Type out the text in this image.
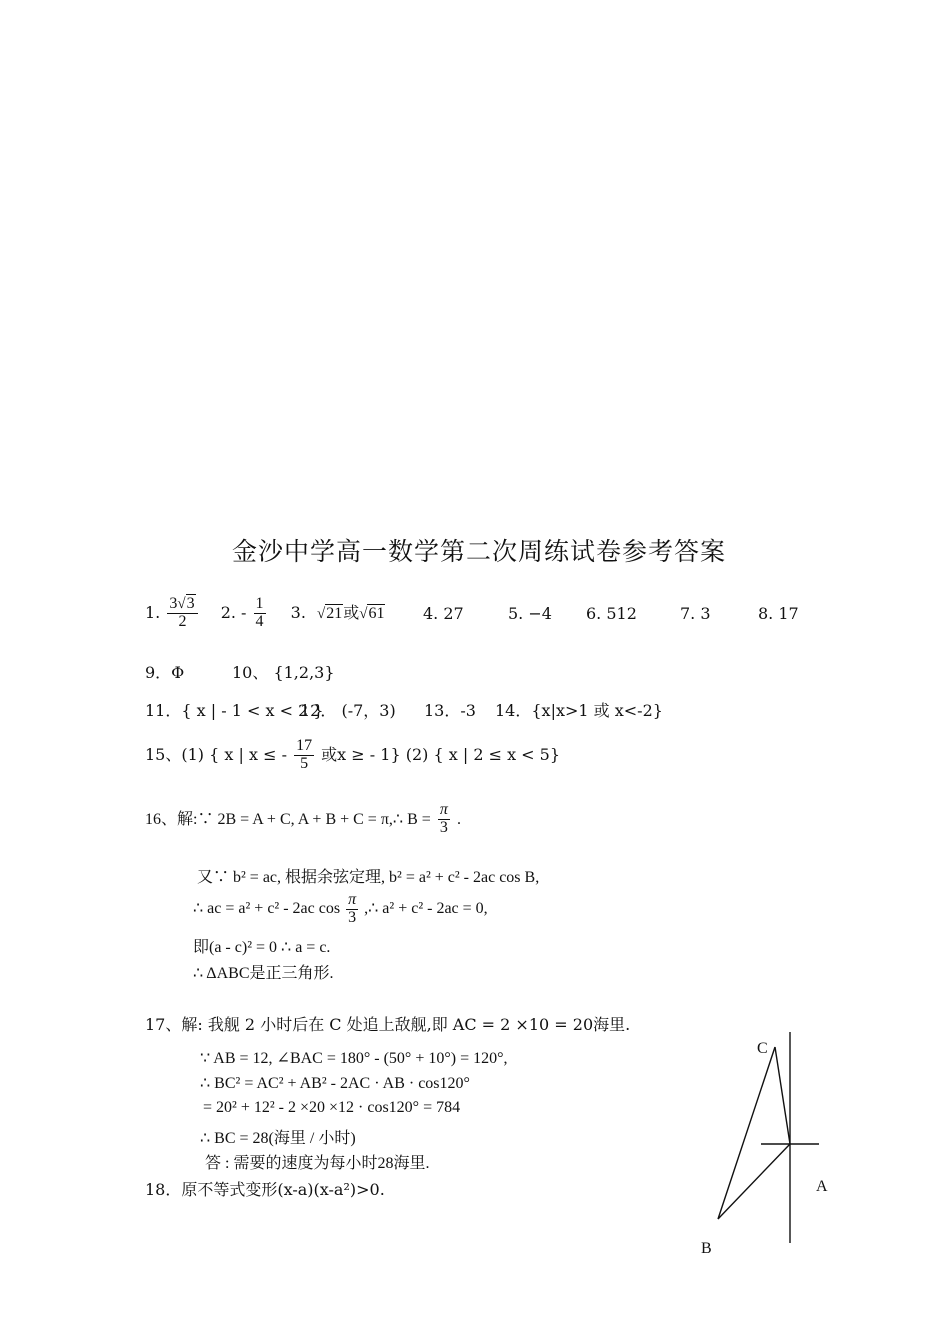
金沙中学高一数学第二次周练试卷参考答案
1. $\frac{3√3}{2} 2$. - $\frac{1}{4} 3$. √21或√61 4. 27	5. −4 6. 512	7. 3	8. 17
9．Φ	10、 {1,2,3}
11．{ x | - 1 < x < 2 }
12． (-7，3) 13．-3 14．{x|x>1 或 x<-2}
15、(1) { x | x ≤ - $\frac{17}{5}$ 或x ≥ - 1} (2) { x | 2 ≤ x < 5}
16、解:∵ 2B = A + C, A + B + C = π,∴ $B = \frac{\pi}{3}$ .
又∵ b² = ac, 根据余弦定理, b² = a² + c² - 2ac cos B,
∴ ac = a² + c² - 2ac $\cos \frac{\pi}{3}$ ,∴ a² + c² - 2ac = 0,
即(a - c)² = 0 ∴ a = c.
∴ ΔABC是正三角形.
17、解: 我舰 2 小时后在 C 处追上敌舰,即 AC = 2 ×10 = 20海里.
∵ AB = 12, ∠BAC = 180° - (50° + 10°) = 120°,
∴ BC² = AC² + AB² - 2AC · AB · cos120°
= 20² + 12² - 2 ×20 ×12 · cos120° = 784
∴ BC = 28(海里 / 小时)
答 : 需要的速度为每小时28海里.
18．原不等式变形(x-a)(x-a²)>0.
C
A
B
